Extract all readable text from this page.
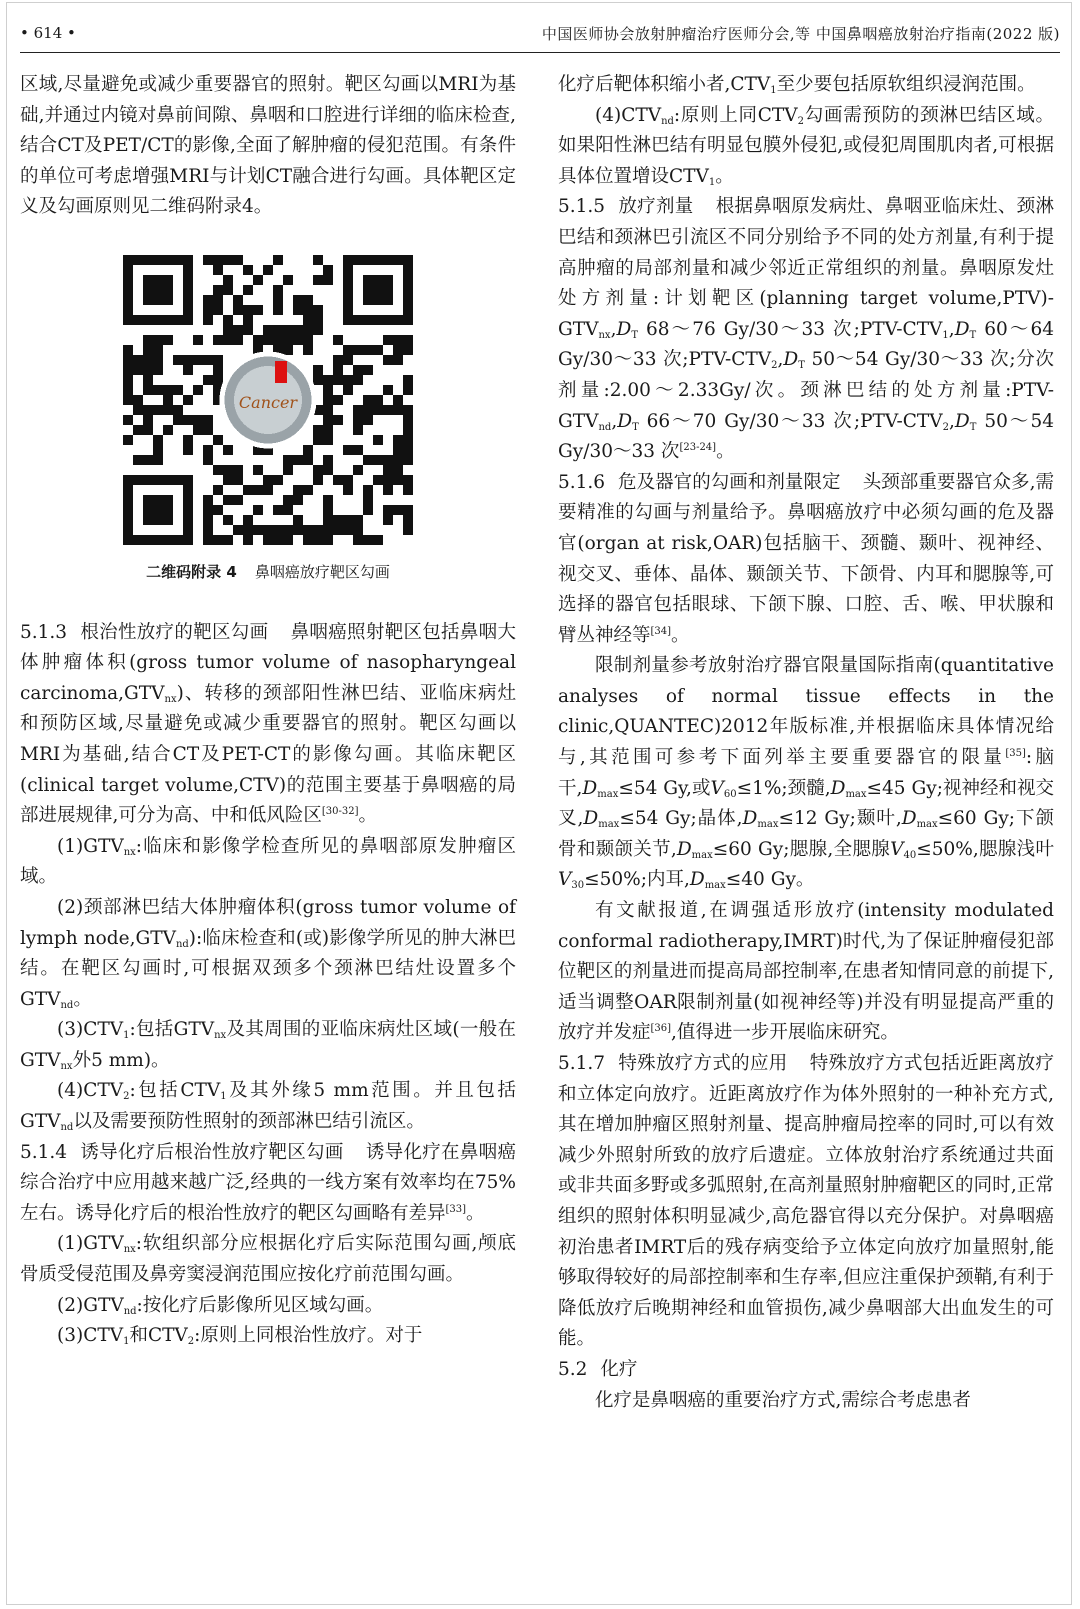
• 614 •	中国医师协会放射肿瘤治疗医师分会,等 中国鼻咽癌放射治疗指南(2022 版)

区域,尽量避免或减少重要器官的照射。靶区勾画以MRI为基础,并通过内镜对鼻前间隙、鼻咽和口腔进行详细的临床检查,结合CT及PET/CT的影像,全面了解肿瘤的侵犯范围。有条件的单位可考虑增强MRI与计划CT融合进行勾画。具体靶区定义及勾画原则见二维码附录4。

Cancer
二维码附录 4 鼻咽癌放疗靶区勾画

5.1.3 根治性放疗的靶区勾画 鼻咽癌照射靶区包括鼻咽大体肿瘤体积(gross tumor volume of nasopharyngeal $carcinoma,GTV_{nx}$)、转移的颈部阳性淋巴结、亚临床病灶和预防区域,尽量避免或减少重要器官的照射。靶区勾画以MRI为基础,结合CT及PET-CT的影像勾画。其临床靶区(clinical target volume,CTV)的范围主要基于鼻咽癌的局部进展规律,可分为高、中和低风险区[30-32]。

$(1)GTV_{nx}$:临床和影像学检查所见的鼻咽部原发肿瘤区域。

(2)颈部淋巴结大体肿瘤体积(gross tumor volume of lymph $node,GTV_{nd}$):临床检查和(或)影像学所见的肿大淋巴结。在靶区勾画时,可根据双颈多个颈淋巴结灶设置多个$GTV_{nd}$。

$(3)CTV_1$:包括$GTV_{nx}$及其周围的亚临床病灶区域(一般在$GTV_{nx}$外5 mm)。

$(4)CTV_2$:包括$CTV_1$及其外缘5 mm范围。并且包括$GTV_{nd}$以及需要预防性照射的颈部淋巴结引流区。

5.1.4 诱导化疗后根治性放疗靶区勾画 诱导化疗在鼻咽癌综合治疗中应用越来越广泛,经典的一线方案有效率均在75%左右。诱导化疗后的根治性放疗的靶区勾画略有差异[33]。

$(1)GTV_{nx}$:软组织部分应根据化疗后实际范围勾画,颅底骨质受侵范围及鼻旁窦浸润范围应按化疗前范围勾画。

$(2)GTV_{nd}$:按化疗后影像所见区域勾画。

$(3)CTV_1$和$CTV_2$:原则上同根治性放疗。对于

化疗后靶体积缩小者$,CTV_1$至少要包括原软组织浸润范围。

$(4)CTV_{nd}$:原则上同$CTV_2$勾画需预防的颈淋巴结区域。如果阳性淋巴结有明显包膜外侵犯,或侵犯周围肌肉者,可根据具体位置增设$CTV_1$。

5.1.5 放疗剂量 根据鼻咽原发病灶、鼻咽亚临床灶、颈淋巴结和颈淋巴引流区不同分别给予不同的处方剂量,有利于提高肿瘤的局部剂量和减少邻近正常组织的剂量。鼻咽原发灶处方剂量:计划靶区(planning target $volume,PTV)-GTV_{nx},D_T$ 68～76 Gy/30～33 次$;PTV-CTV_1,D_T$ 60～64 Gy/30～33 次$;PTV-CTV_2,D_T$ 50～54 Gy/30～33 次;分次剂量:2.00～2.33Gy/次。颈淋巴结的处方剂量$:PTV-GTV_{nd},D_T$ 66～70 Gy/30～33 次$;PTV-CTV_2,D_T$ 50～54 Gy/30～33 次[23-24]。

5.1.6 危及器官的勾画和剂量限定 头颈部重要器官众多,需要精准的勾画与剂量给予。鼻咽癌放疗中必须勾画的危及器官(organ at risk,OAR)包括脑干、颈髓、颞叶、视神经、视交叉、垂体、晶体、颞颌关节、下颌骨、内耳和腮腺等,可选择的器官包括眼球、下颌下腺、口腔、舌、喉、甲状腺和臂丛神经等[34]。

限制剂量参考放射治疗器官限量国际指南(quantitative analyses of normal tissue effects in the clinic,QUANTEC)2012年版标准,并根据临床具体情况给与,其范围可参考下面列举主要重要器官的限量[35]:脑干$,D_{max}\le 54$ Gy,或$V_{60}\le 1\%$;颈髓$,D_{max}\le 45$ Gy;视神经和视交叉$,D_{max}\le 54$ Gy;晶体$,D_{max}\le 12$ Gy;颞叶$,D_{max}\le 60$ Gy;下颌骨和颞颌关节$,D_{max}\le 60$ Gy;腮腺,全腮腺$V_{40}\le 50\%$,腮腺浅叶$V_{30}\le 50\%$;内耳$,D_{max}\le 40$ Gy。

有文献报道,在调强适形放疗(intensity modulated conformal radiotherapy,IMRT)时代,为了保证肿瘤侵犯部位靶区的剂量进而提高局部控制率,在患者知情同意的前提下,适当调整OAR限制剂量(如视神经等)并没有明显提高严重的放疗并发症[36],值得进一步开展临床研究。

5.1.7 特殊放疗方式的应用 特殊放疗方式包括近距离放疗和立体定向放疗。近距离放疗作为体外照射的一种补充方式,其在增加肿瘤区照射剂量、提高肿瘤局控率的同时,可以有效减少外照射所致的放疗后遗症。立体放射治疗系统通过共面或非共面多野或多弧照射,在高剂量照射肿瘤靶区的同时,正常组织的照射体积明显减少,高危器官得以充分保护。对鼻咽癌初治患者IMRT后的残存病变给予立体定向放疗加量照射,能够取得较好的局部控制率和生存率,但应注重保护颈鞘,有利于降低放疗后晚期神经和血管损伤,减少鼻咽部大出血发生的可能。

5.2 化疗

化疗是鼻咽癌的重要治疗方式,需综合考虑患者
